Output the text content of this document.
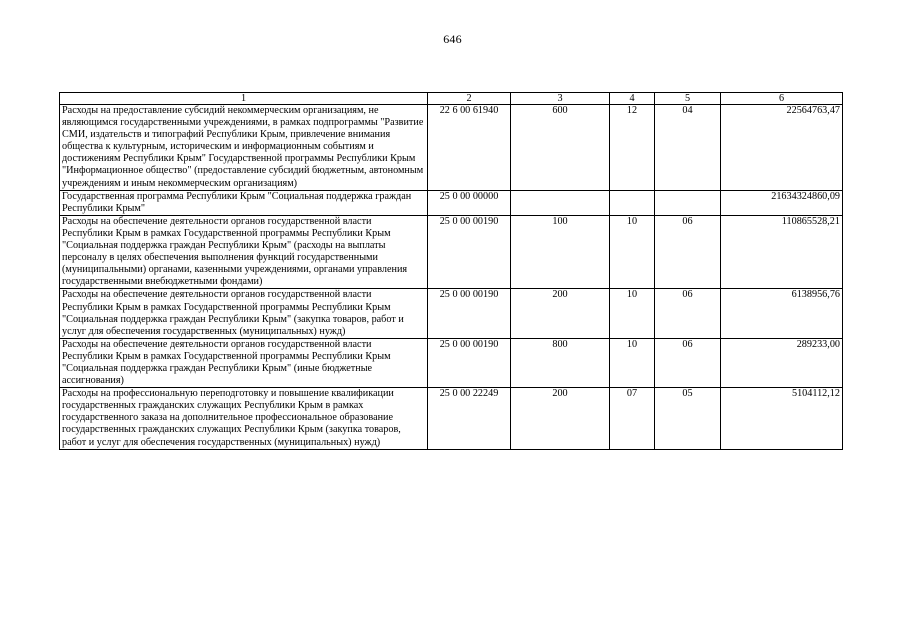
646
1	2	3	4	5	6
Расходы на предоставление субсидий некоммерческим организациям, не являющимся государственными учреждениями, в рамках подпрограммы "Развитие СМИ, издательств и типографий Республики Крым, привлечение внимания общества к культурным, историческим и информационным событиям и достижениям Республики Крым" Государственной программы Республики Крым "Информационное общество" (предоставление субсидий бюджетным, автономным учреждениям и иным некоммерческим организациям)	22 6 00 61940	600	12	04	22564763,47
Государственная программа Республики Крым "Социальная поддержка граждан Республики Крым"	25 0 00 00000				21634324860,09
Расходы на обеспечение деятельности органов государственной власти Республики Крым в рамках Государственной программы Республики Крым "Социальная поддержка граждан Республики Крым" (расходы на выплаты персоналу в целях обеспечения выполнения функций государственными (муниципальными) органами, казенными учреждениями, органами управления государственными внебюджетными фондами)	25 0 00 00190	100	10	06	110865528,21
Расходы на обеспечение деятельности органов государственной власти Республики Крым в рамках Государственной программы Республики Крым "Социальная поддержка граждан Республики Крым" (закупка товаров, работ и услуг для обеспечения государственных (муниципальных) нужд)	25 0 00 00190	200	10	06	6138956,76
Расходы на обеспечение деятельности органов государственной власти Республики Крым в рамках Государственной программы Республики Крым "Социальная поддержка граждан Республики Крым" (иные бюджетные ассигнования)	25 0 00 00190	800	10	06	289233,00
Расходы на профессиональную переподготовку и повышение квалификации государственных гражданских служащих Республики Крым в рамках государственного заказа на дополнительное профессиональное образование государственных гражданских служащих Республики Крым (закупка товаров, работ и услуг для обеспечения государственных (муниципальных) нужд)	25 0 00 22249	200	07	05	5104112,12
